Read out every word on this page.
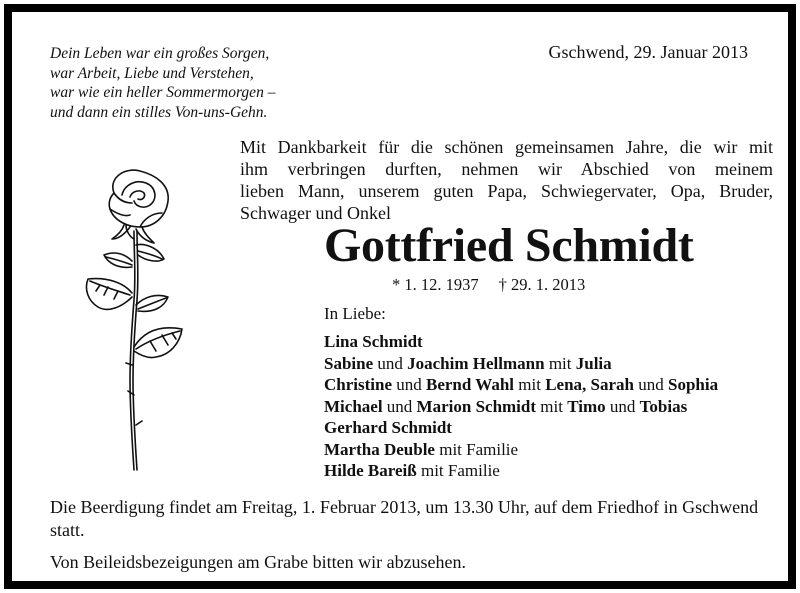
Dein Leben war ein großes Sorgen,
war Arbeit, Liebe und Verstehen,
war wie ein heller Sommermorgen –
und dann ein stilles Von-uns-Gehn.
Gschwend, 29. Januar 2013
Mit Dankbarkeit für die schönen gemeinsamen Jahre, die wir mit
ihm verbringen durften, nehmen wir Abschied von meinem
lieben Mann, unserem guten Papa, Schwiegervater, Opa, Bruder,
Schwager und Onkel
Gottfried Schmidt
* 1. 12. 1937 † 29. 1. 2013
In Liebe:
Lina Schmidt
Sabine und Joachim Hellmann mit Julia
Christine und Bernd Wahl mit Lena, Sarah und Sophia
Michael und Marion Schmidt mit Timo und Tobias
Gerhard Schmidt
Martha Deuble mit Familie
Hilde Bareiß mit Familie
Die Beerdigung findet am Freitag, 1. Februar 2013, um 13.30 Uhr, auf dem Friedhof in Gschwend statt.
Von Beileidsbezeigungen am Grabe bitten wir abzusehen.
